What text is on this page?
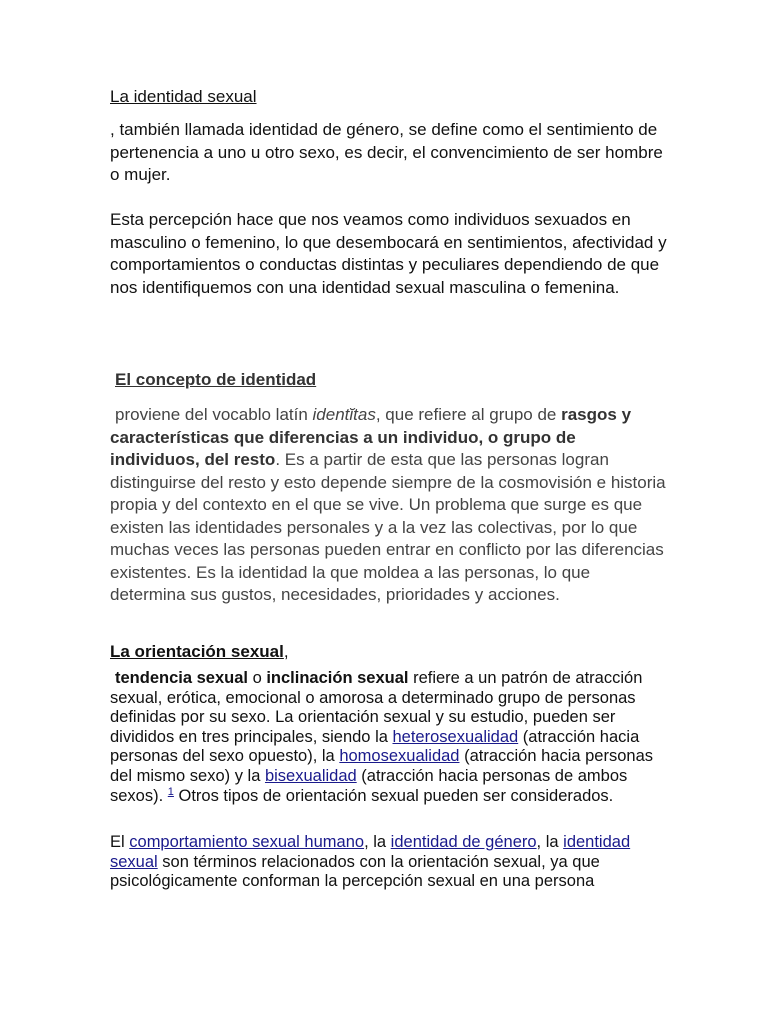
La identidad sexual
, también llamada identidad de género, se define como el sentimiento de pertenencia a uno u otro sexo, es decir, el convencimiento de ser hombre o mujer.
Esta percepción hace que nos veamos como individuos sexuados en masculino o femenino, lo que desembocará en sentimientos, afectividad y comportamientos o conductas distintas y peculiares dependiendo de que nos identifiquemos con una identidad sexual masculina o femenina.
El concepto de identidad
proviene del vocablo latín identĭtas, que refiere al grupo de rasgos y características que diferencias a un individuo, o grupo de individuos, del resto. Es a partir de esta que las personas logran distinguirse del resto y esto depende siempre de la cosmovisión e historia propia y del contexto en el que se vive. Un problema que surge es que existen las identidades personales y a la vez las colectivas, por lo que muchas veces las personas pueden entrar en conflicto por las diferencias existentes. Es la identidad la que moldea a las personas, lo que determina sus gustos, necesidades, prioridades y acciones.
La orientación sexual,
tendencia sexual o inclinación sexual refiere a un patrón de atracción sexual, erótica, emocional o amorosa a determinado grupo de personas definidas por su sexo. La orientación sexual y su estudio, pueden ser divididos en tres principales, siendo la heterosexualidad (atracción hacia personas del sexo opuesto), la homosexualidad (atracción hacia personas del mismo sexo) y la bisexualidad (atracción hacia personas de ambos sexos). $^1$ Otros tipos de orientación sexual pueden ser considerados.
El comportamiento sexual humano, la identidad de género, la identidad sexual son términos relacionados con la orientación sexual, ya que psicológicamente conforman la percepción sexual en una persona
